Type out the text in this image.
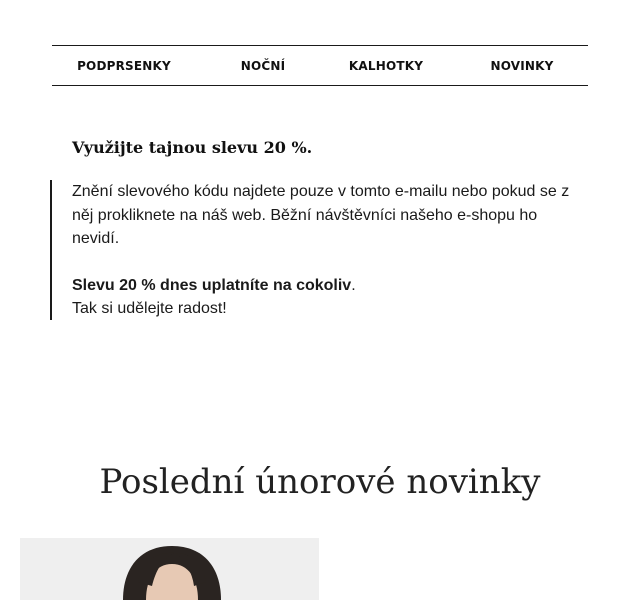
PODPRSENKY	NOČNÍ	KALHOTKY	NOVINKY
Využijte tajnou slevu 20 %.

Znění slevového kódu najdete pouze v tomto e-mailu nebo pokud se z něj prokliknete na náš web. Běžní návštěvníci našeho e-shopu ho nevidí.

Slevu 20 % dnes uplatníte na cokoliv.

Tak si udělejte radost!

Poslední únorové novinky
